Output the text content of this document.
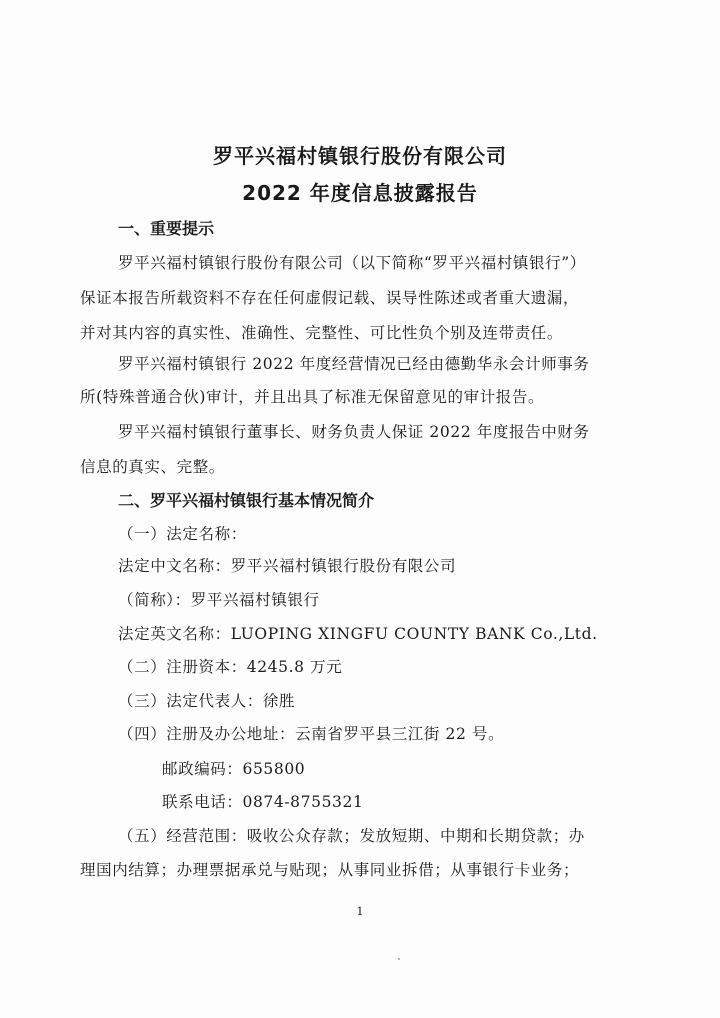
罗平兴福村镇银行股份有限公司
2022 年度信息披露报告
一、重要提示
罗平兴福村镇银行股份有限公司（以下简称“罗平兴福村镇银行”）
保证本报告所载资料不存在任何虚假记载、误导性陈述或者重大遗漏，
并对其内容的真实性、准确性、完整性、可比性负个别及连带责任。
罗平兴福村镇银行 2022 年度经营情况已经由德勤华永会计师事务
所(特殊普通合伙)审计，并且出具了标准无保留意见的审计报告。
罗平兴福村镇银行董事长、财务负责人保证 2022 年度报告中财务
信息的真实、完整。
二、罗平兴福村镇银行基本情况简介
（一）法定名称：
法定中文名称：罗平兴福村镇银行股份有限公司
（简称）：罗平兴福村镇银行
法定英文名称：LUOPING XINGFU COUNTY BANK Co.,Ltd.
（二）注册资本：4245.8 万元
（三）法定代表人：徐胜
（四）注册及办公地址：云南省罗平县三江街 22 号。
邮政编码：655800
联系电话：0874-8755321
（五）经营范围：吸收公众存款；发放短期、中期和长期贷款；办
理国内结算；办理票据承兑与贴现；从事同业拆借；从事银行卡业务；
1
